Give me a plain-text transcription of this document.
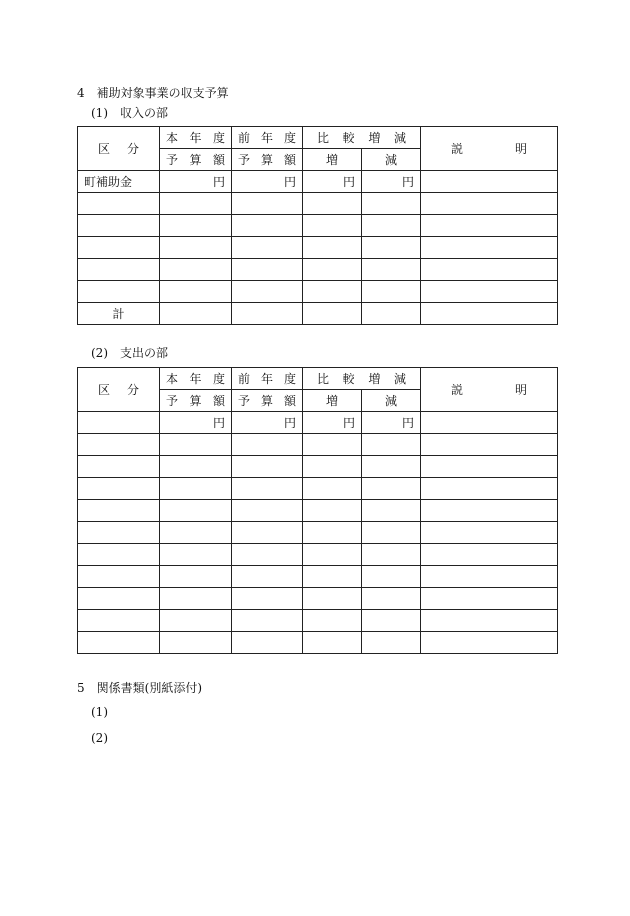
4　補助対象事業の収支予算
(1)　収入の部
区 分	本 年 度	前 年 度	比 較 増 減		説 明

	予 算 額	予 算 額	増	減	
町補助金	円	円	円	円	

計					
(2)　支出の部
区 分	本 年 度	前 年 度	比 較 増 減		説 明

	予 算 額	予 算 額	増	減	
	円	円	円	円	

5　関係書類(別紙添付)
(1)
(2)
